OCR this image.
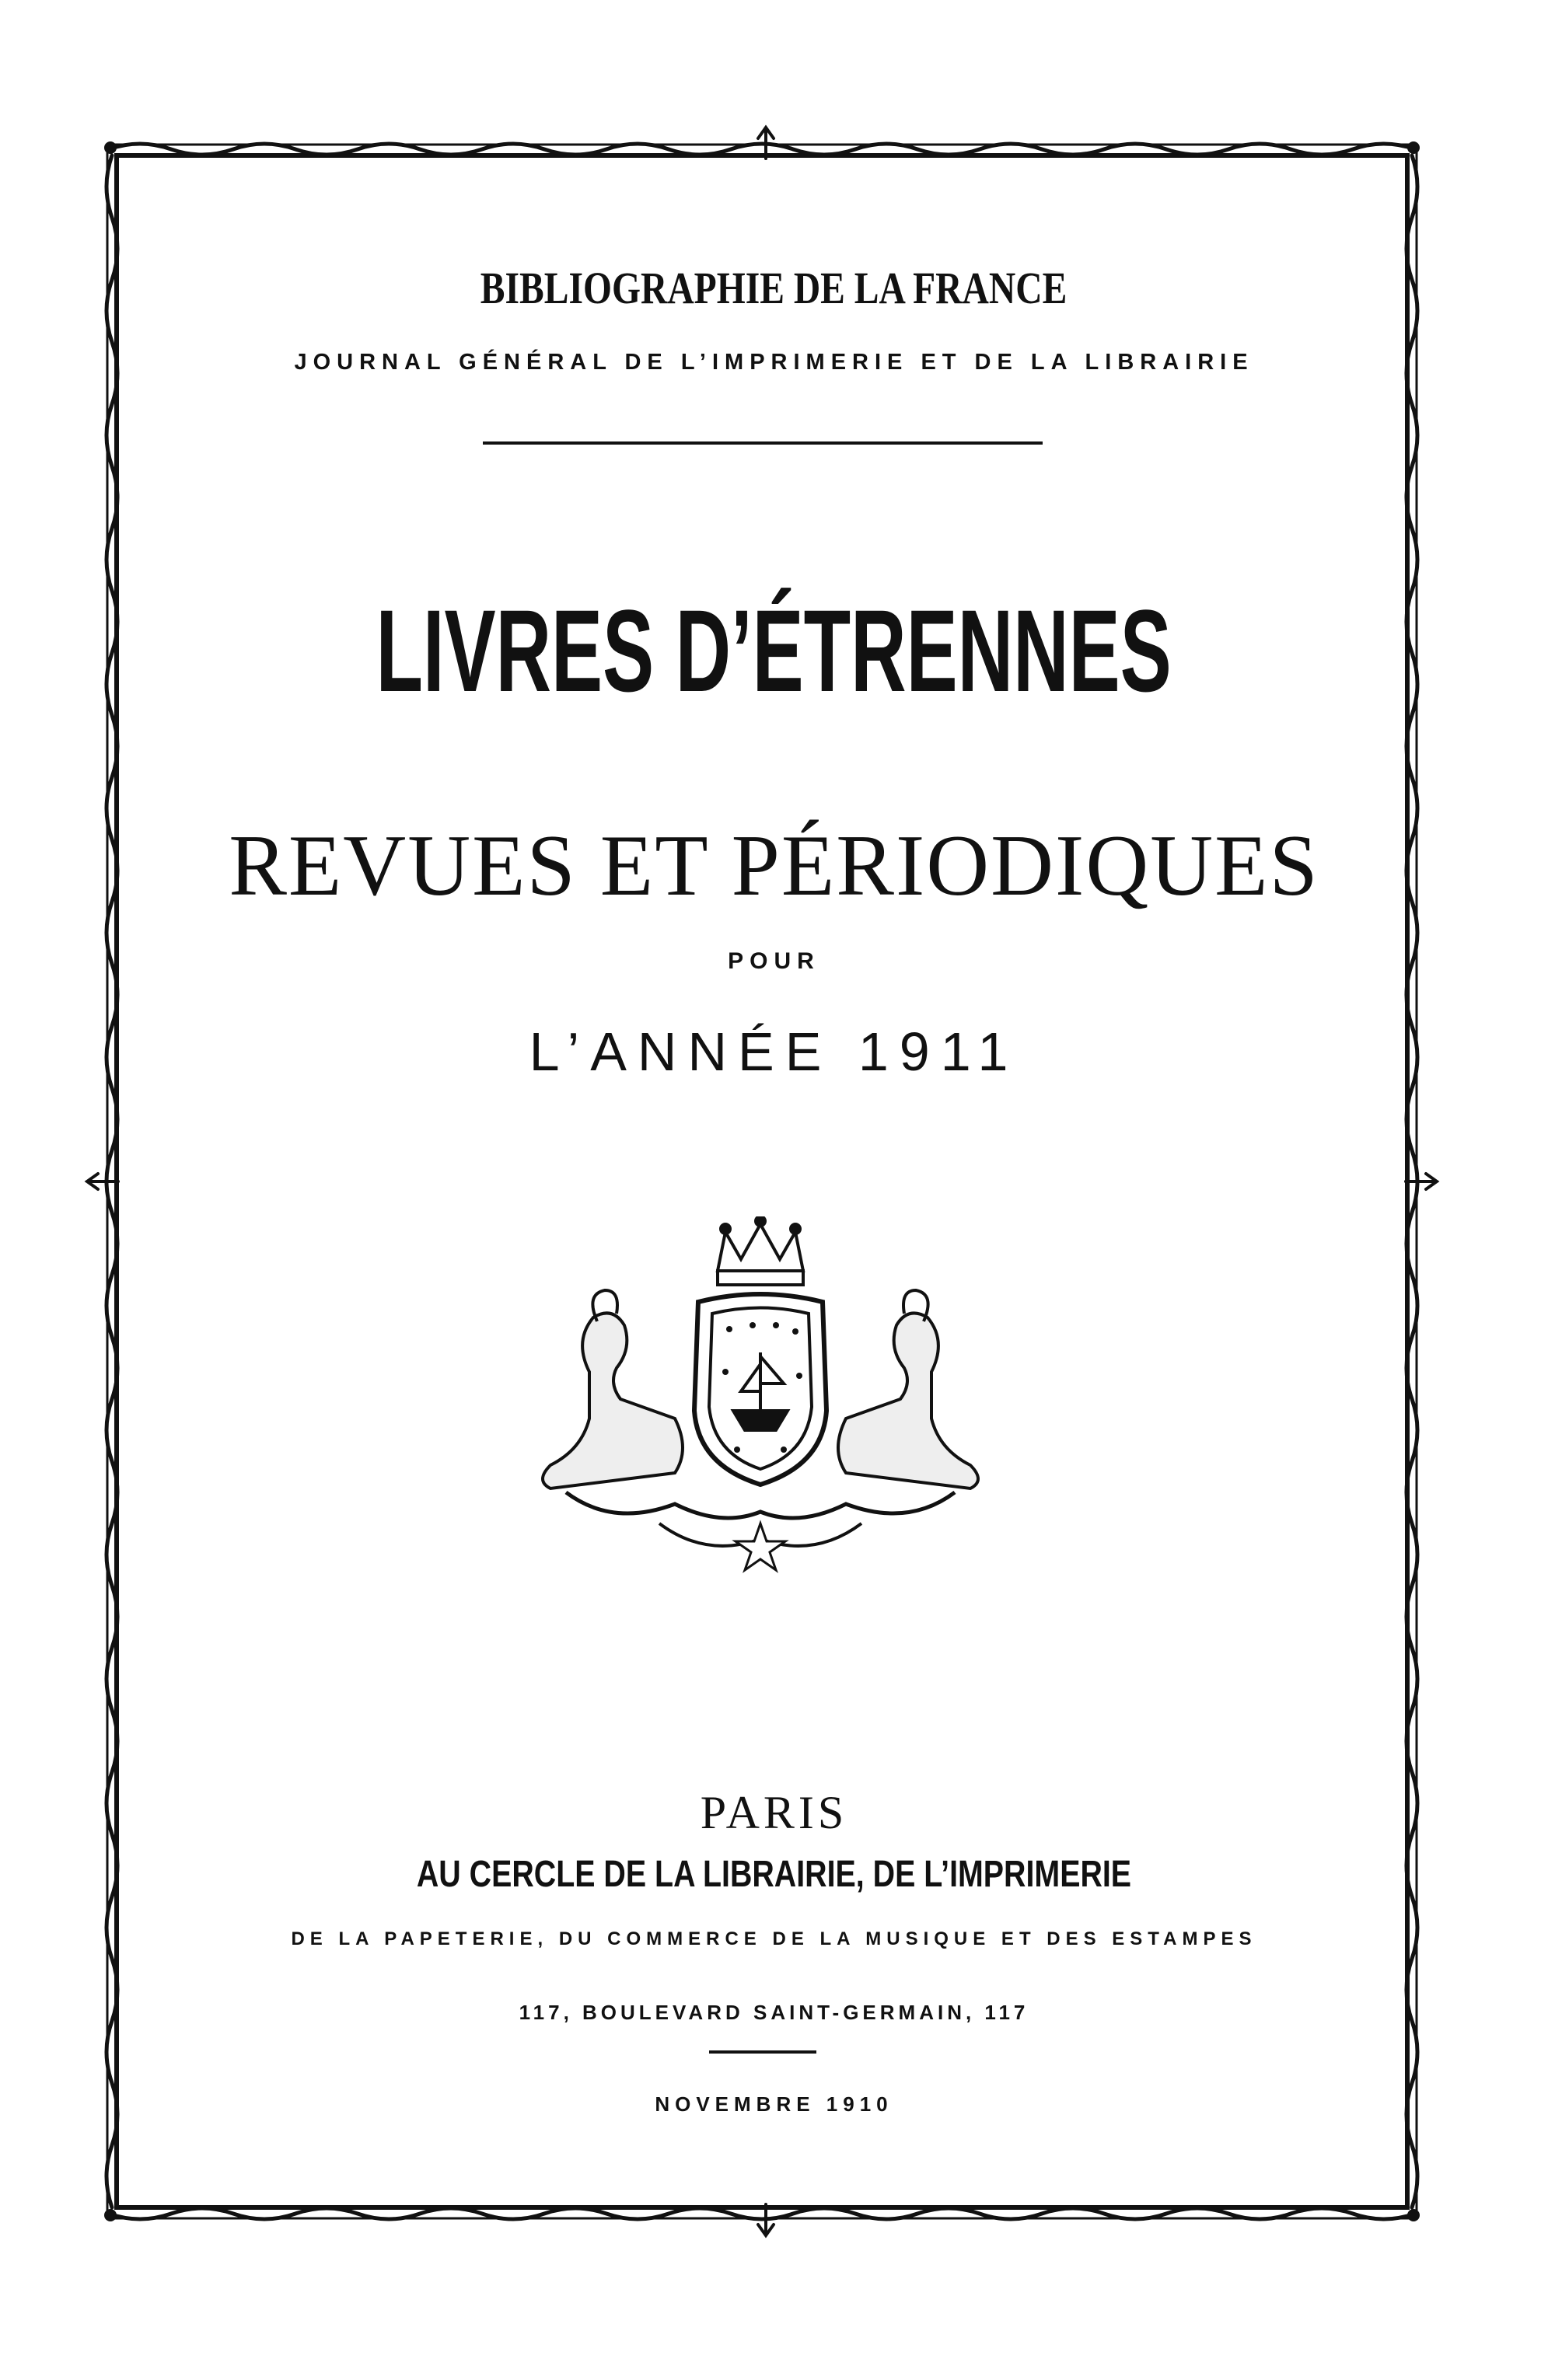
BIBLIOGRAPHIE DE LA FRANCE
JOURNAL GÉNÉRAL DE L’IMPRIMERIE ET DE LA LIBRAIRIE
LIVRES D’ÉTRENNES
REVUES ET PÉRIODIQUES
POUR
L’ANNÉE 1911
PARIS
AU CERCLE DE LA LIBRAIRIE, DE L’IMPRIMERIE
DE LA PAPETERIE, DU COMMERCE DE LA MUSIQUE ET DES ESTAMPES
117, BOULEVARD SAINT-GERMAIN, 117
NOVEMBRE 1910
